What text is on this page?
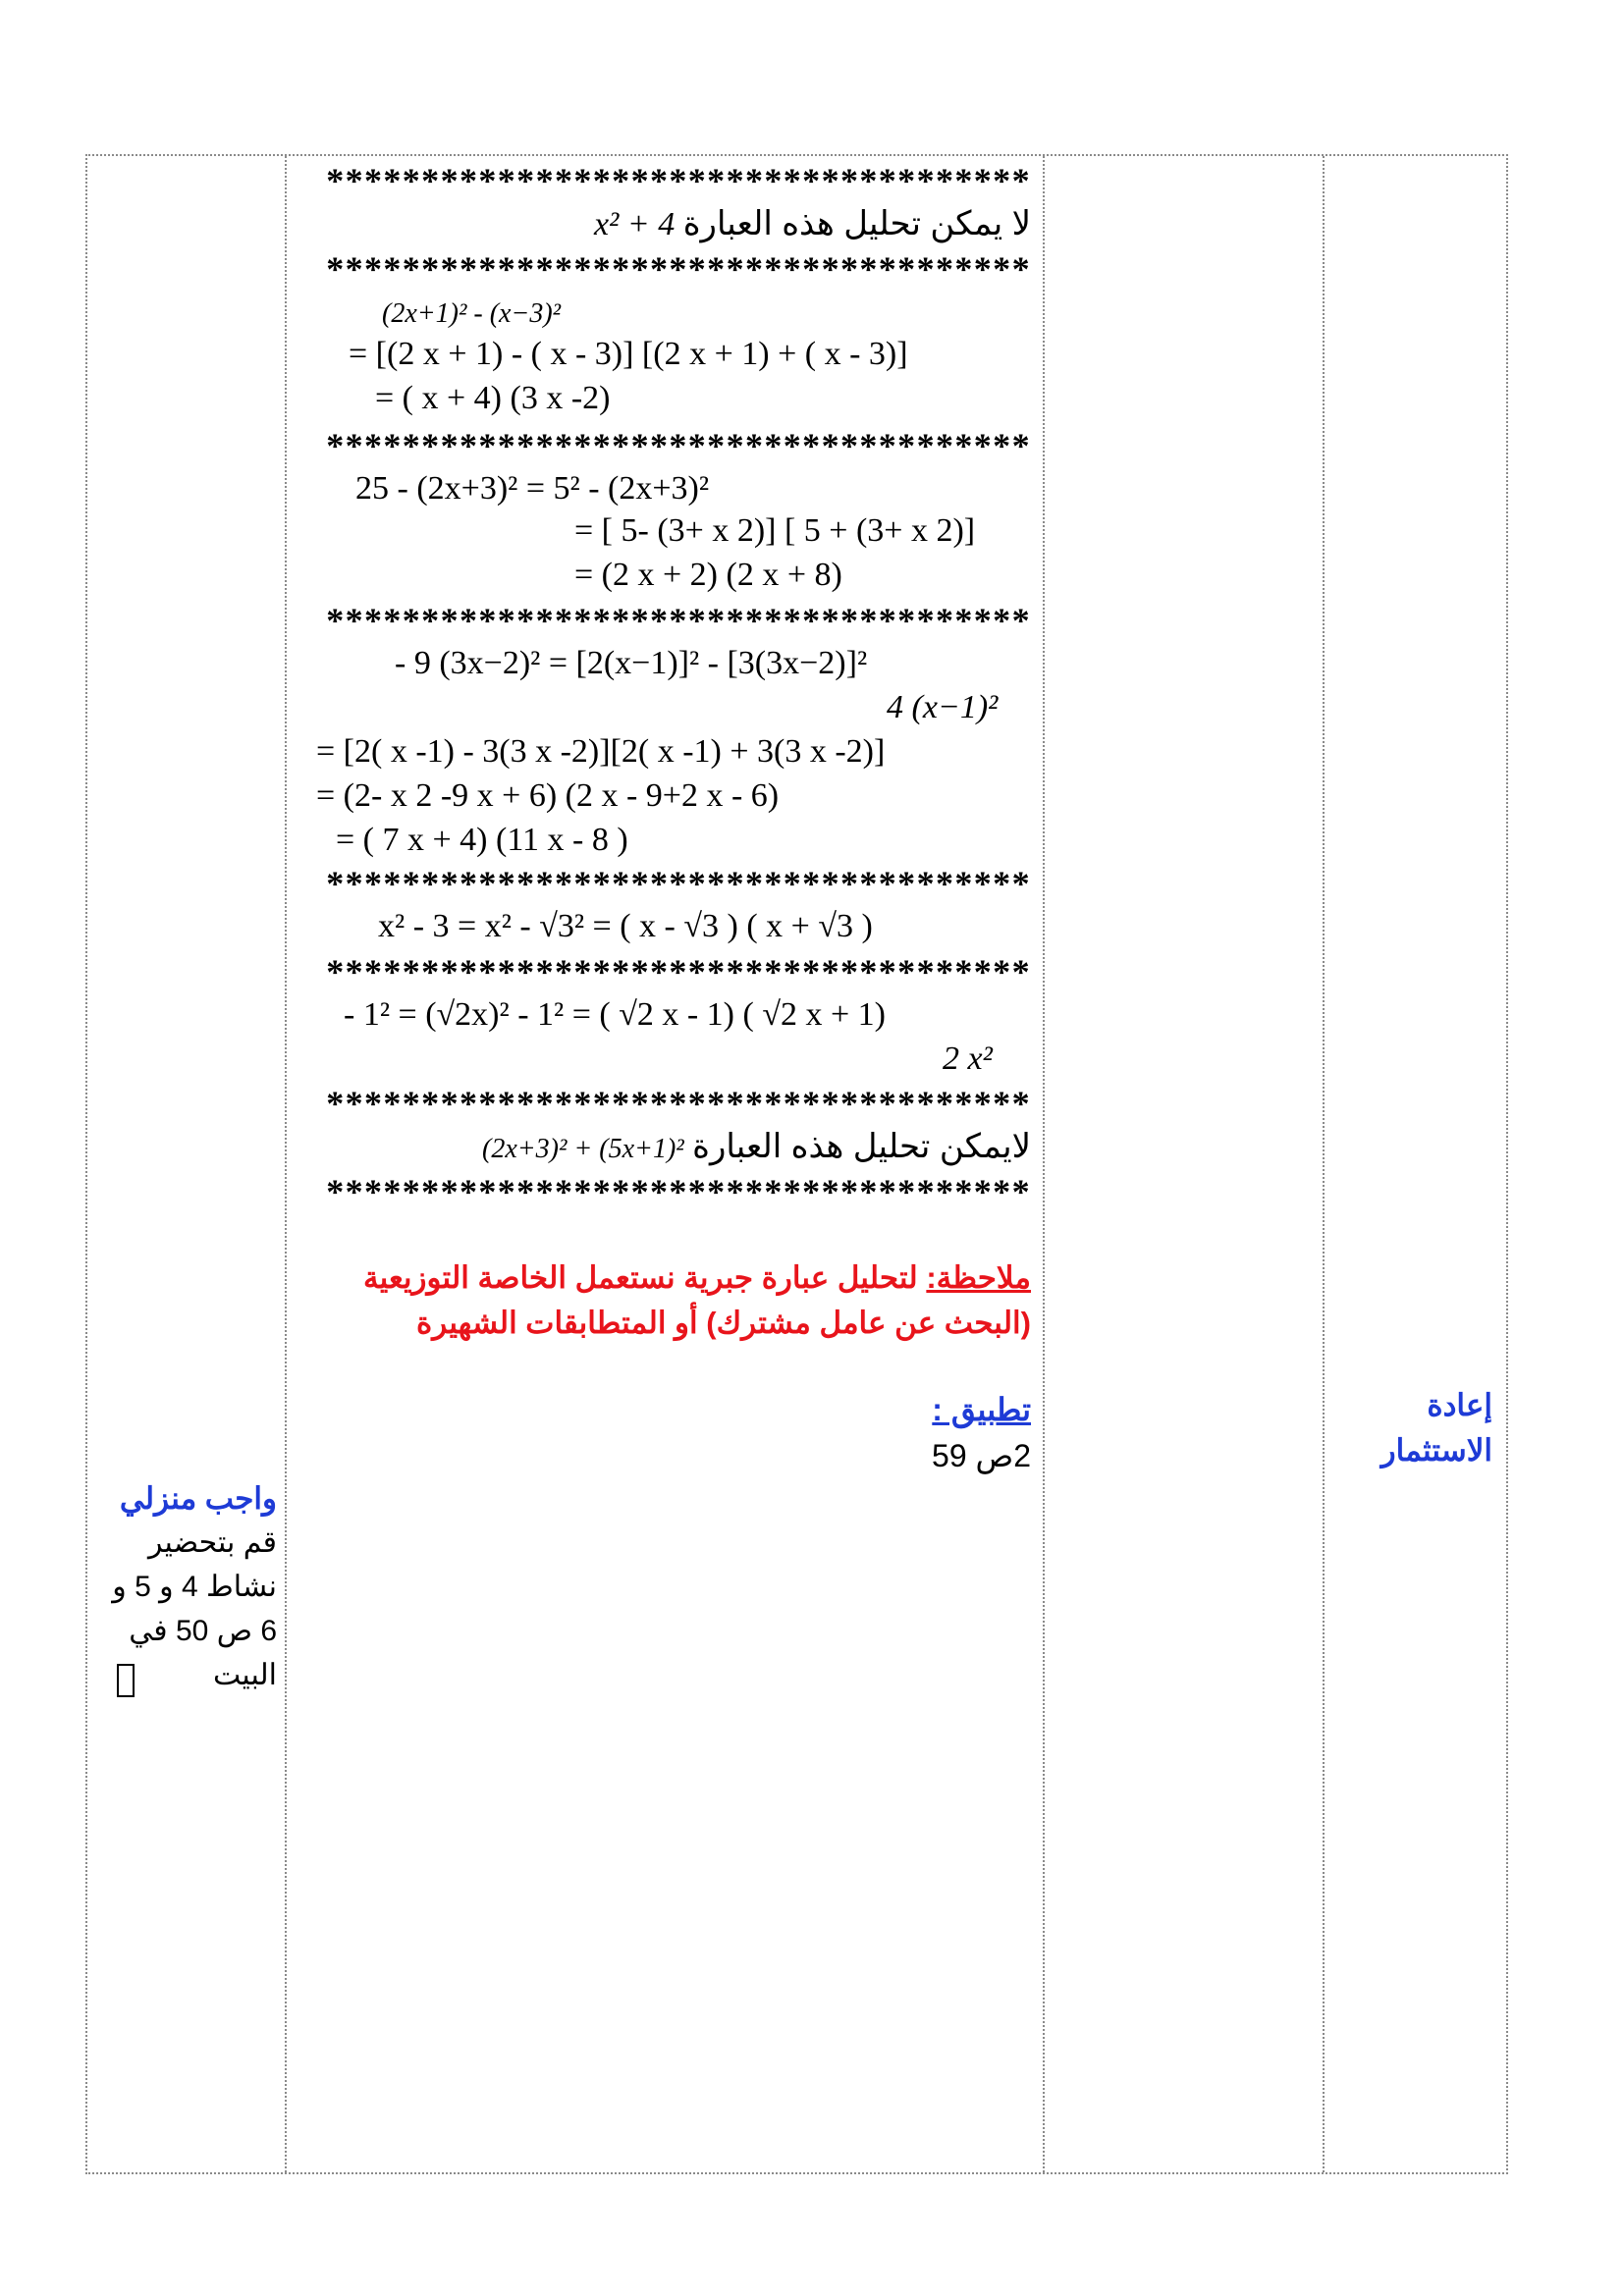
إعادة
الاستثمار
*************************************
لا يمكن تحليل هذه العبارة x² + 4
*************************************
(2x+1)² - (x−3)²
= [(2 x + 1) - ( x - 3)] [(2 x + 1) + ( x - 3)]
= ( x + 4) (3 x -2)
*************************************
25 - (2x+3)² = 5² - (2x+3)²
= [ 5- (3+ x 2)] [ 5 + (3+ x 2)]
= (2 x + 2) (2 x + 8)
*************************************
- 9 (3x−2)² = [2(x−1)]² - [3(3x−2)]²
4 (x−1)²
= [2( x -1) - 3(3 x -2)][2( x -1) + 3(3 x -2)]
= (2- x 2 -9 x + 6) (2 x - 9+2 x - 6)
= ( 7 x + 4) (11 x - 8 )
*************************************
x² - 3 = x² - √3² = ( x - √3 ) ( x + √3 )
*************************************
- 1² = (√2x)² - 1² = ( √2 x - 1) ( √2 x + 1)
2 x²
*************************************
لايمكن تحليل هذه العبارة (2x+3)² + (5x+1)²
*************************************
ملاحظة: لتحليل عبارة جبرية نستعمل الخاصة التوزيعية
(البحث عن عامل مشترك) أو المتطابقات الشهيرة
تطبيق :
2ص 59
واجب منزلي
قم بتحضير
نشاط 4 و 5 و
6 ص 50 في
البيت
